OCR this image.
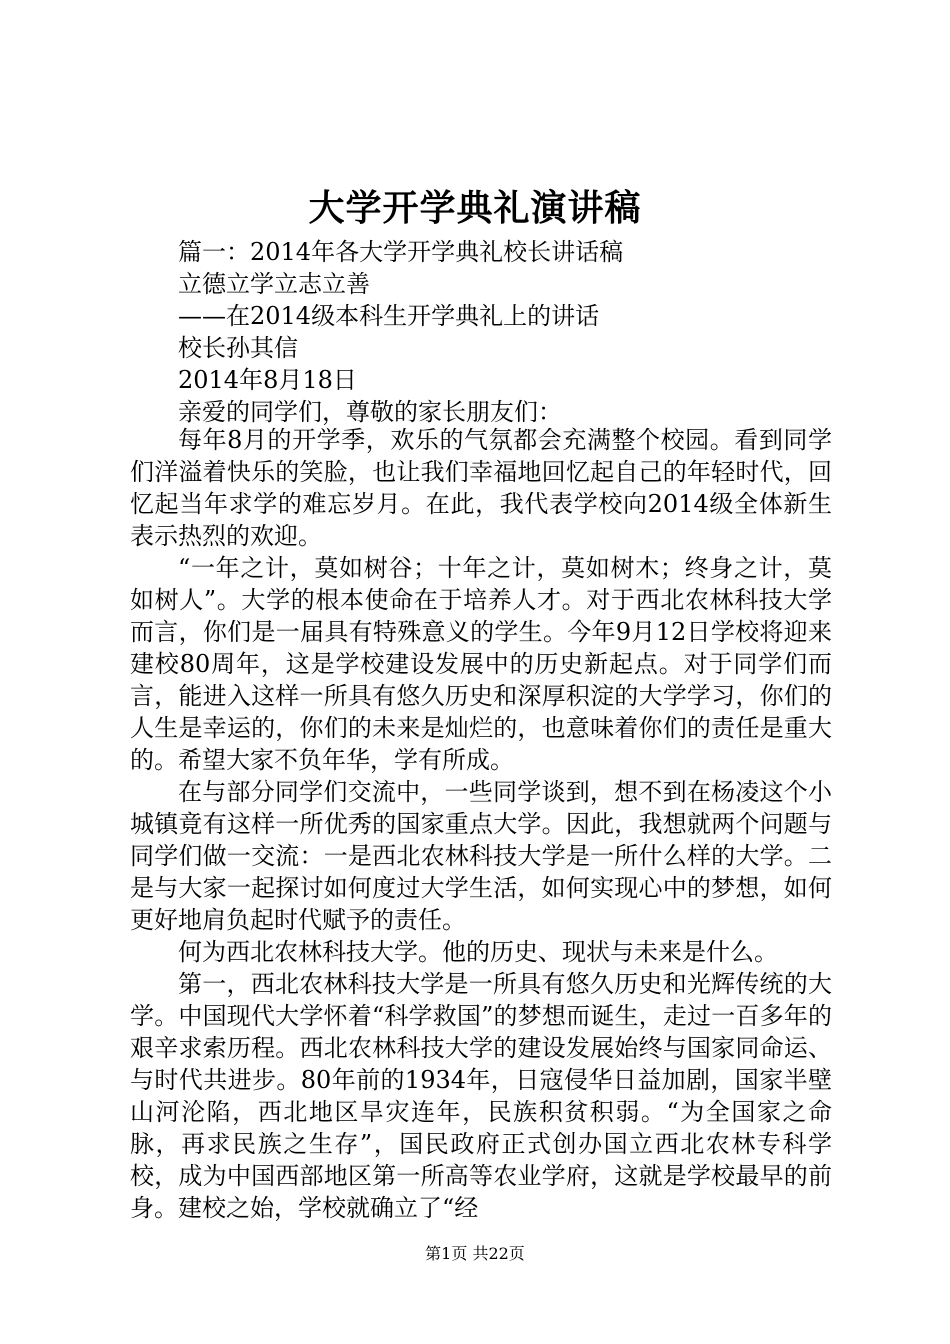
大学开学典礼演讲稿
篇一：2014年各大学开学典礼校长讲话稿
立德立学立志立善
——在2014级本科生开学典礼上的讲话
校长孙其信
2014年8月18日
亲爱的同学们，尊敬的家长朋友们：

每年8月的开学季，欢乐的气氛都会充满整个校园。看到同学们洋溢着快乐的笑脸，也让我们幸福地回忆起自己的年轻时代，回忆起当年求学的难忘岁月。在此，我代表学校向2014级全体新生表示热烈的欢迎。

“一年之计，莫如树谷；十年之计，莫如树木；终身之计，莫如树人”。大学的根本使命在于培养人才。对于西北农林科技大学而言，你们是一届具有特殊意义的学生。今年9月12日学校将迎来建校80周年，这是学校建设发展中的历史新起点。对于同学们而言，能进入这样一所具有悠久历史和深厚积淀的大学学习，你们的人生是幸运的，你们的未来是灿烂的，也意味着你们的责任是重大的。希望大家不负年华，学有所成。

在与部分同学们交流中，一些同学谈到，想不到在杨凌这个小城镇竟有这样一所优秀的国家重点大学。因此，我想就两个问题与同学们做一交流：一是西北农林科技大学是一所什么样的大学。二是与大家一起探讨如何度过大学生活，如何实现心中的梦想，如何更好地肩负起时代赋予的责任。

何为西北农林科技大学。他的历史、现状与未来是什么。

第一，西北农林科技大学是一所具有悠久历史和光辉传统的大学。中国现代大学怀着“科学救国”的梦想而诞生，走过一百多年的艰辛求索历程。西北农林科技大学的建设发展始终与国家同命运、与时代共进步。80年前的1934年，日寇侵华日益加剧，国家半壁山河沦陷，西北地区旱灾连年，民族积贫积弱。“为全国家之命脉，再求民族之生存”，国民政府正式创办国立西北农林专科学校，成为中国西部地区第一所高等农业学府，这就是学校最早的前身。建校之始，学校就确立了“经

第1页 共22页
